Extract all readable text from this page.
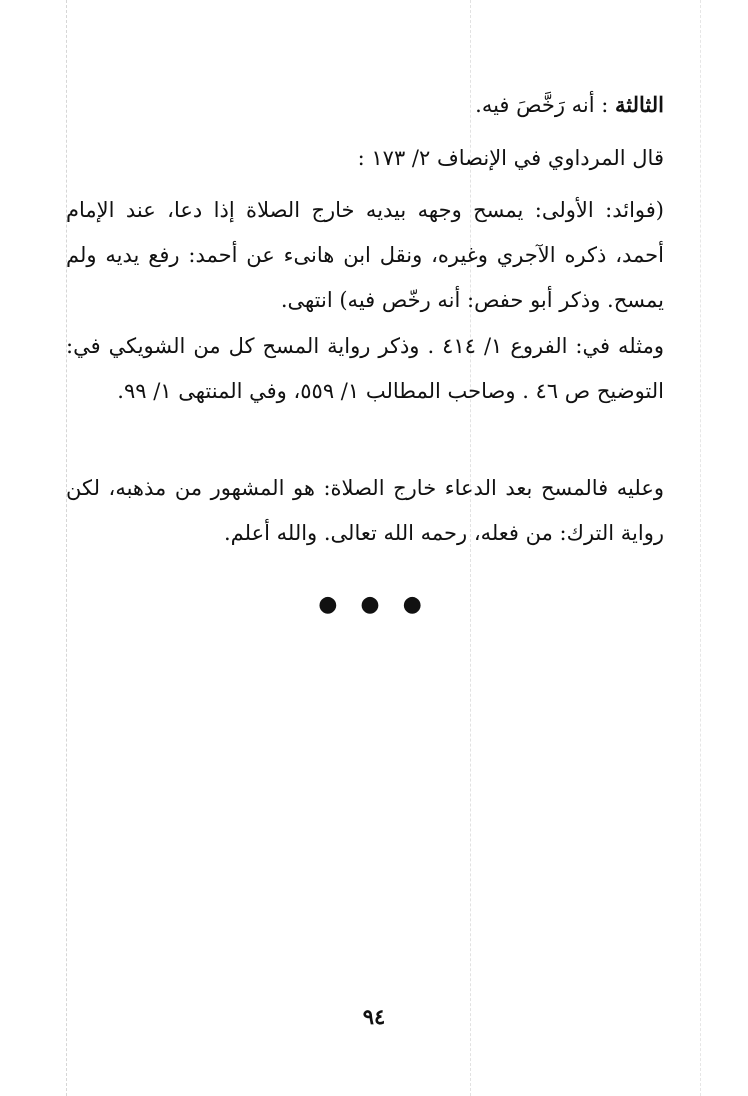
الثالثة : أنه رَخَّصَ فيه.

قال المرداوي في الإنصاف ٢/ ١٧٣ :

(فوائد: الأولى: يمسح وجهه بيديه خارج الصلاة إذا دعا، عند الإمام أحمد، ذكره الآجري وغيره، ونقل ابن هانىء عن أحمد: رفع يديه ولم يمسح. وذكر أبو حفص: أنه رخّص فيه) انتهى.

ومثله في: الفروع ١/ ٤١٤ . وذكر رواية المسح كل من الشويكي في: التوضيح ص ٤٦ . وصاحب المطالب ١/ ٥٥٩، وفي المنتهى ١/ ٩٩.

وعليه فالمسح بعد الدعاء خارج الصلاة: هو المشهور من مذهبه، لكن رواية الترك: من فعله، رحمه الله تعالى. والله أعلم.

● ● ●
٩٤
